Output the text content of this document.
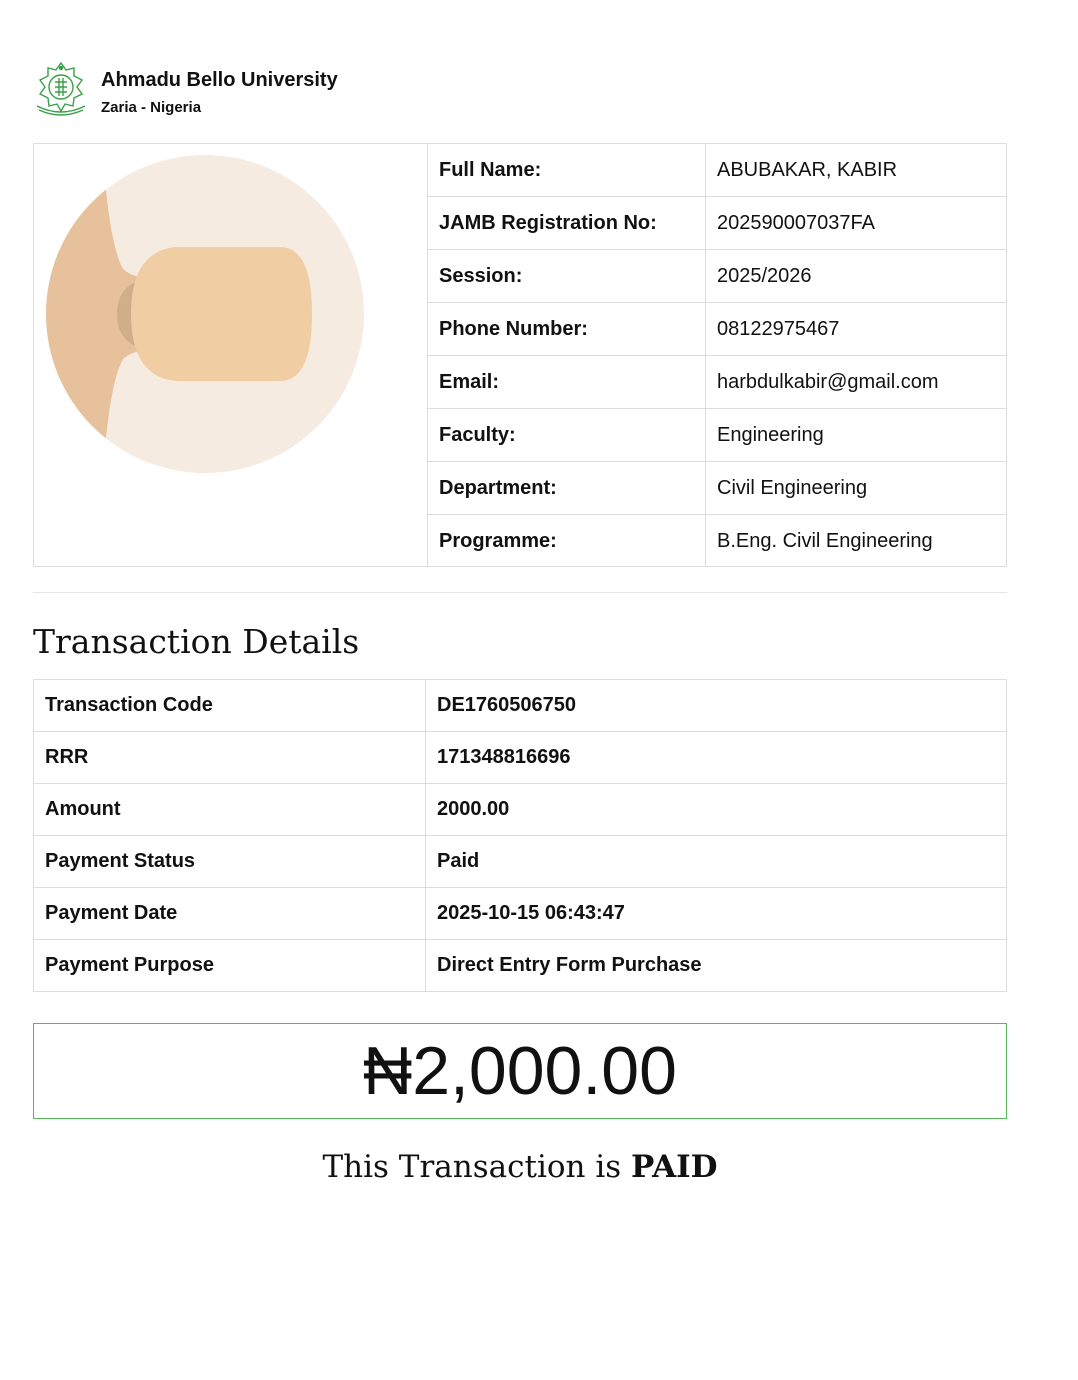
Ahmadu Bello University
Zaria - Nigeria
Full Name:	ABUBAKAR, KABIR
JAMB Registration No:	202590007037FA
Session:	2025/2026
Phone Number:	08122975467
Email:	harbdulkabir@gmail.com
Faculty:	Engineering
Department:	Civil Engineering
Programme:	B.Eng. Civil Engineering
Transaction Details
Transaction Code	DE1760506750
RRR	171348816696
Amount	2000.00
Payment Status	Paid
Payment Date	2025-10-15 06:43:47
Payment Purpose	Direct Entry Form Purchase
₦2,000.00
This Transaction is PAID
